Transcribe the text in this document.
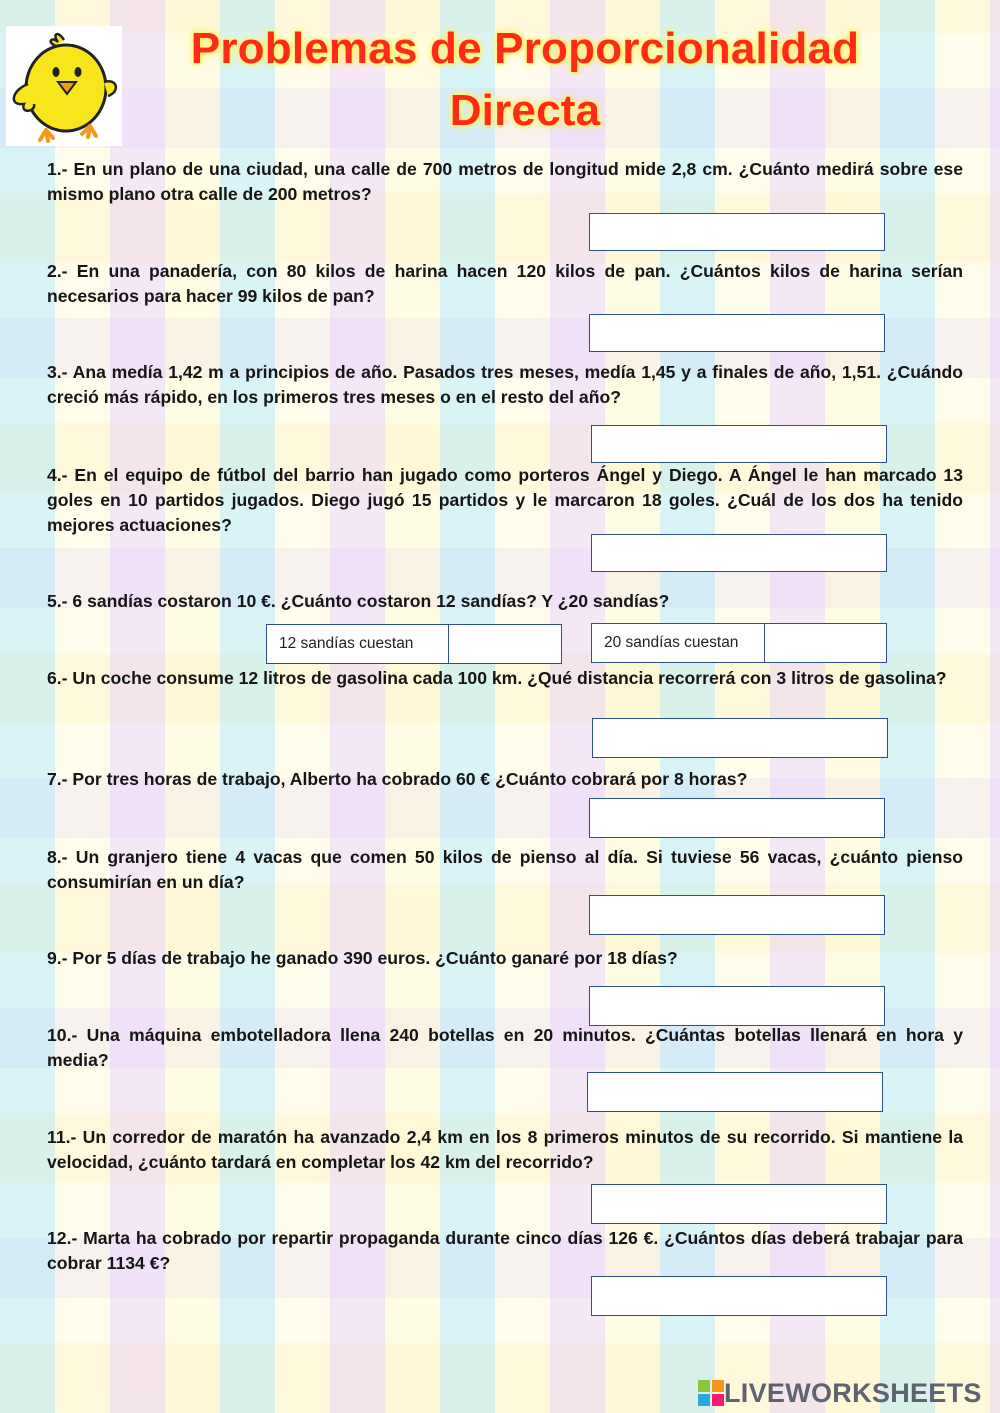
Problemas de Proporcionalidad
Directa
1.- En un plano de una ciudad, una calle de 700 metros de longitud mide 2,8 cm. ¿Cuánto medirá sobre ese mismo plano otra calle de 200 metros?
2.- En una panadería, con 80 kilos de harina hacen 120 kilos de pan. ¿Cuántos kilos de harina serían necesarios para hacer 99 kilos de pan?
3.- Ana medía 1,42 m a principios de año. Pasados tres meses, medía 1,45 y a finales de año, 1,51. ¿Cuándo creció más rápido, en los primeros tres meses o en el resto del año?
4.- En el equipo de fútbol del barrio han jugado como porteros Ángel y Diego. A Ángel le han marcado 13 goles en 10 partidos jugados. Diego jugó 15 partidos y le marcaron 18 goles. ¿Cuál de los dos ha tenido mejores actuaciones?
5.- 6 sandías costaron 10 €. ¿Cuánto costaron 12 sandías? Y ¿20 sandías?
12 sandías cuestan	20 sandías cuestan
6.- Un coche consume 12 litros de gasolina cada 100 km. ¿Qué distancia recorrerá con 3 litros de gasolina?
7.- Por tres horas de trabajo, Alberto ha cobrado 60 € ¿Cuánto cobrará por 8 horas?
8.- Un granjero tiene 4 vacas que comen 50 kilos de pienso al día. Si tuviese 56 vacas, ¿cuánto pienso consumirían en un día?
9.- Por 5 días de trabajo he ganado 390 euros. ¿Cuánto ganaré por 18 días?
10.- Una máquina embotelladora llena 240 botellas en 20 minutos. ¿Cuántas botellas llenará en hora y media?
11.- Un corredor de maratón ha avanzado 2,4 km en los 8 primeros minutos de su recorrido. Si mantiene la velocidad, ¿cuánto tardará en completar los 42 km del recorrido?
12.- Marta ha cobrado por repartir propaganda durante cinco días 126 €. ¿Cuántos días deberá trabajar para cobrar 1134 €?
LIVEWORKSHEETS
